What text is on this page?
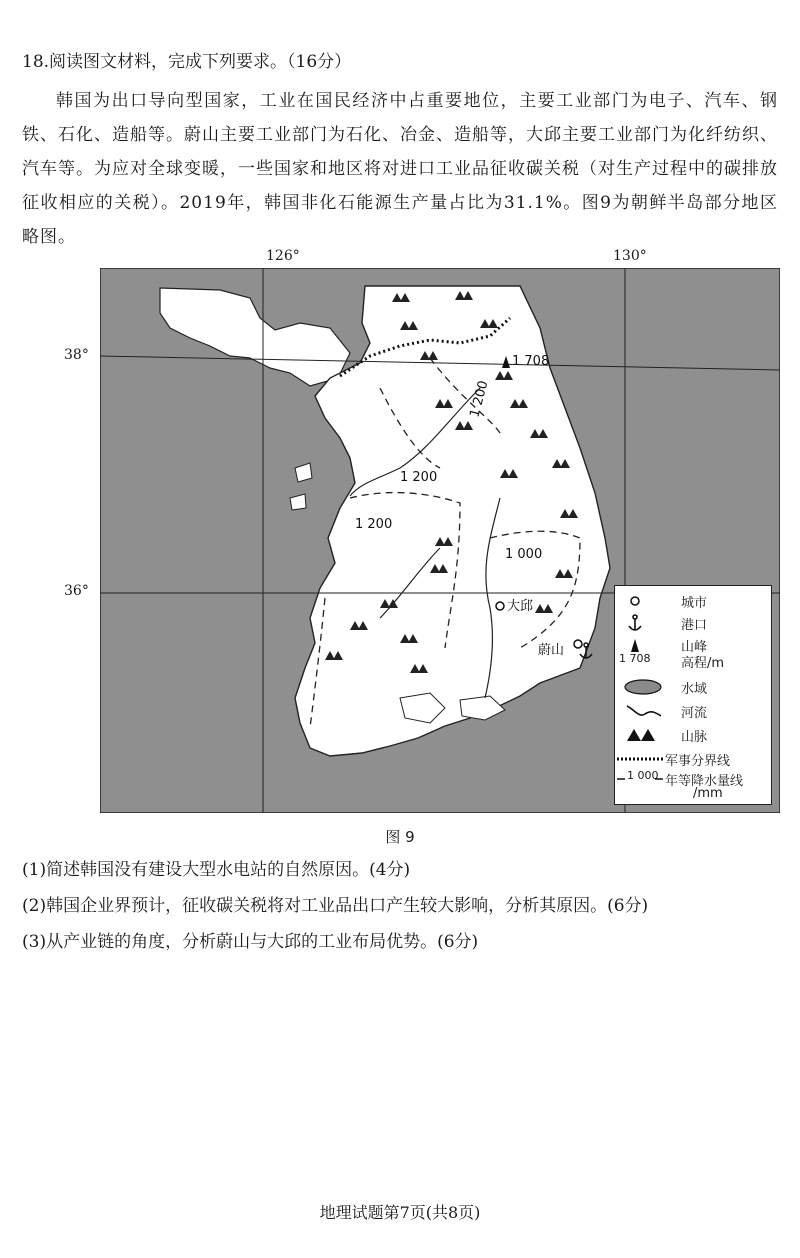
18.阅读图文材料，完成下列要求。（16分）
韩国为出口导向型国家，工业在国民经济中占重要地位，主要工业部门为电子、汽车、钢铁、石化、造船等。蔚山主要工业部门为石化、冶金、造船等，大邱主要工业部门为化纤纺织、汽车等。为应对全球变暖，一些国家和地区将对进口工业品征收碳关税（对生产过程中的碳排放征收相应的关税）。2019年，韩国非化石能源生产量占比为31.1%。图9为朝鲜半岛部分地区略图。
126°	130°
38°
36°
1 708
1 200
1 200
1 200
1 000
大邱
蔚山
城市
港口
山峰
1 708 高程/m
水域
河流
山脉
军事分界线
1 000 年等降水量线
/mm
图 9
(1)简述韩国没有建设大型水电站的自然原因。(4分)
(2)韩国企业界预计，征收碳关税将对工业品出口产生较大影响，分析其原因。(6分)
(3)从产业链的角度，分析蔚山与大邱的工业布局优势。(6分)
地理试题第7页(共8页)
